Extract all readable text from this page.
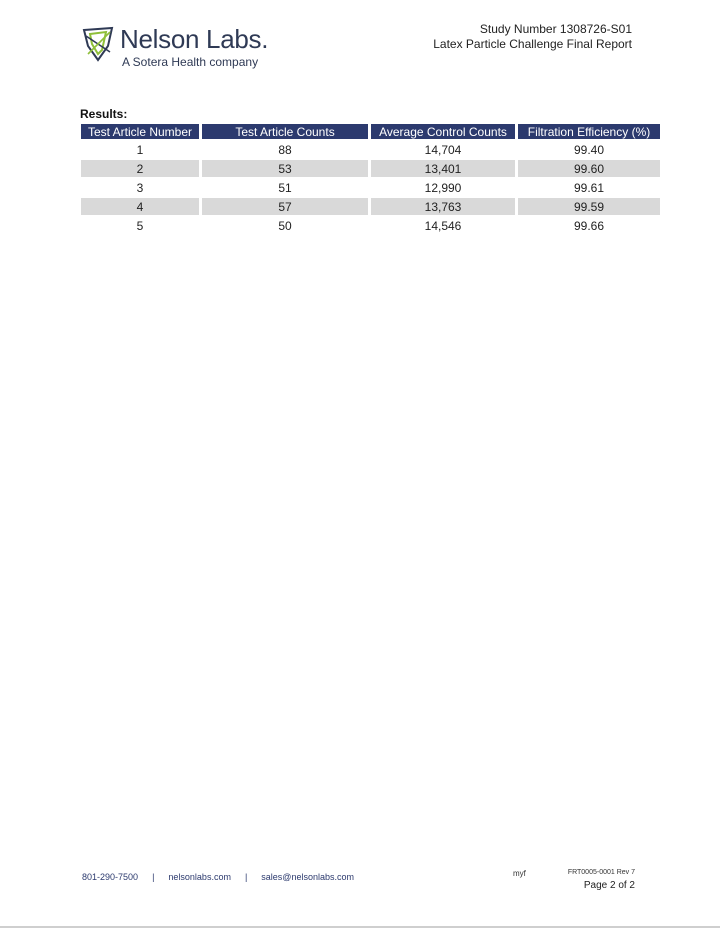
Nelson Labs.
A Sotera Health company
Study Number 1308726-S01
Latex Particle Challenge Final Report
Results:
Test Article Number	Test Article Counts	Average Control Counts	Filtration Efficiency (%)
1	88	14,704	99.40
2	53	13,401	99.60
3	51	12,990	99.61
4	57	13,763	99.59
5	50	14,546	99.66
801-290-7500 | nelsonlabs.com | sales@nelsonlabs.com	myf	FRT0005-0001 Rev 7
Page 2 of 2
